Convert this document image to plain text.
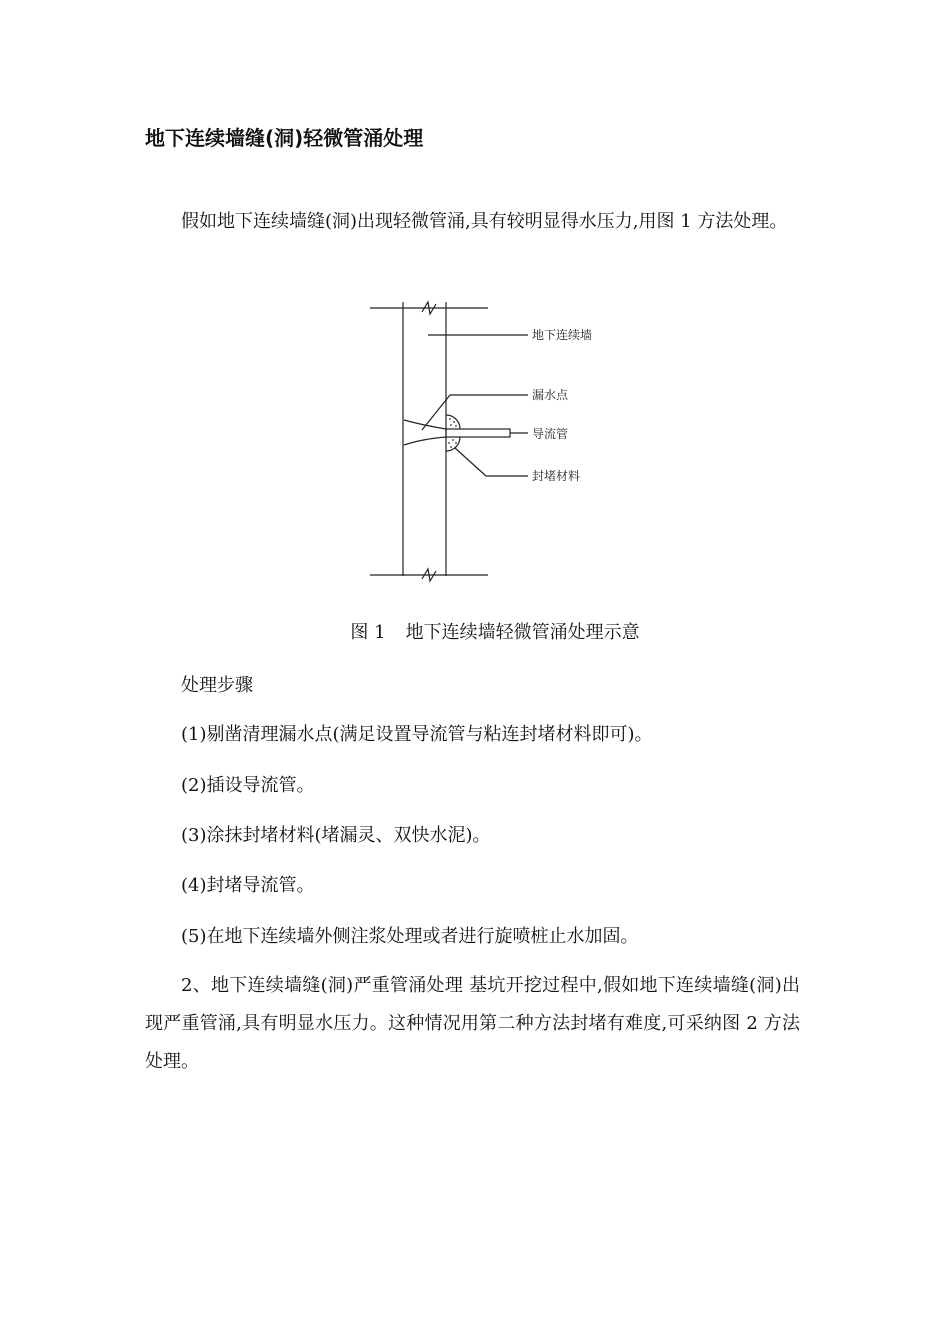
地下连续墙缝(洞)轻微管涌处理
假如地下连续墙缝(洞)出现轻微管涌,具有较明显得水压力,用图 1 方法处理。
地下连续墙
漏水点
导流管
封堵材料
图 1 地下连续墙轻微管涌处理示意
处理步骤
(1)剔凿清理漏水点(满足设置导流管与粘连封堵材料即可)。
(2)插设导流管。
(3)涂抹封堵材料(堵漏灵、双快水泥)。
(4)封堵导流管。
(5)在地下连续墙外侧注浆处理或者进行旋喷桩止水加固。
2、地下连续墙缝(洞)严重管涌处理 基坑开挖过程中,假如地下连续墙缝(洞)出现严重管涌,具有明显水压力。这种情况用第二种方法封堵有难度,可采纳图 2 方法处理。
